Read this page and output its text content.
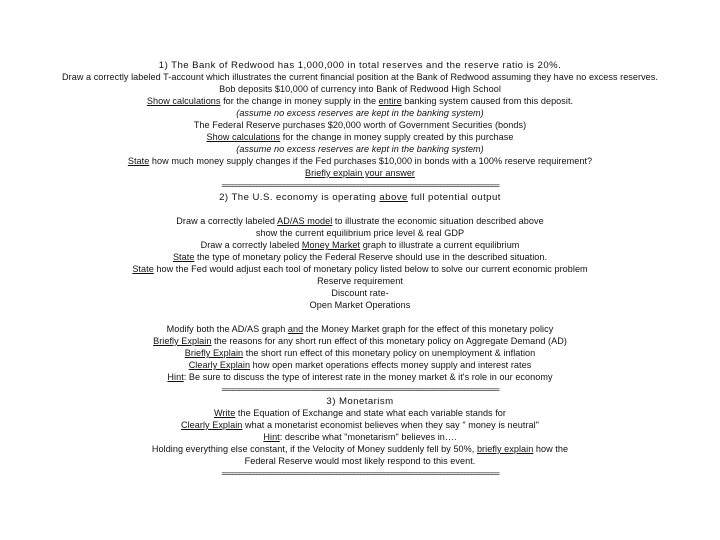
1) The Bank of Redwood has 1,000,000 in total reserves and the reserve ratio is 20%.
Draw a correctly labeled T-account which illustrates the current financial position at the Bank of Redwood assuming they have no excess reserves.
Bob deposits $10,000 of currency into Bank of Redwood High School
Show calculations for the change in money supply in the entire banking system caused from this deposit.
(assume no excess reserves are kept in the banking system)
The Federal Reserve purchases $20,000 worth of Government Securities (bonds)
Show calculations for the change in money supply created by this purchase
(assume no excess reserves are kept in the banking system)
State how much money supply changes if the Fed purchases $10,000 in bonds with a 100% reserve requirement?
Briefly explain your answer
================================================================================
2) The U.S. economy is operating above full potential output
Draw a correctly labeled AD/AS model to illustrate the economic situation described above
show the current equilibrium price level & real GDP
Draw a correctly labeled Money Market graph to illustrate a current equilibrium
State the type of monetary policy the Federal Reserve should use in the described situation.
State how the Fed would adjust each tool of monetary policy listed below to solve our current economic problem
Reserve requirement
Discount rate-
Open Market Operations
Modify both the AD/AS graph and the Money Market graph for the effect of this monetary policy
Briefly Explain the reasons for any short run effect of this monetary policy on Aggregate Demand (AD)
Briefly Explain the short run effect of this monetary policy on unemployment & inflation
Clearly Explain how open market operations effects money supply and interest rates
Hint: Be sure to discuss the type of interest rate in the money market & it's role in our economy
================================================================================
3) Monetarism
Write the Equation of Exchange and state what each variable stands for
Clearly Explain what a monetarist economist believes when they say " money is neutral"
Hint: describe what "monetarism" believes in….
Holding everything else constant, if the Velocity of Money suddenly fell by 50%, briefly explain how the
Federal Reserve would most likely respond to this event.
================================================================================
